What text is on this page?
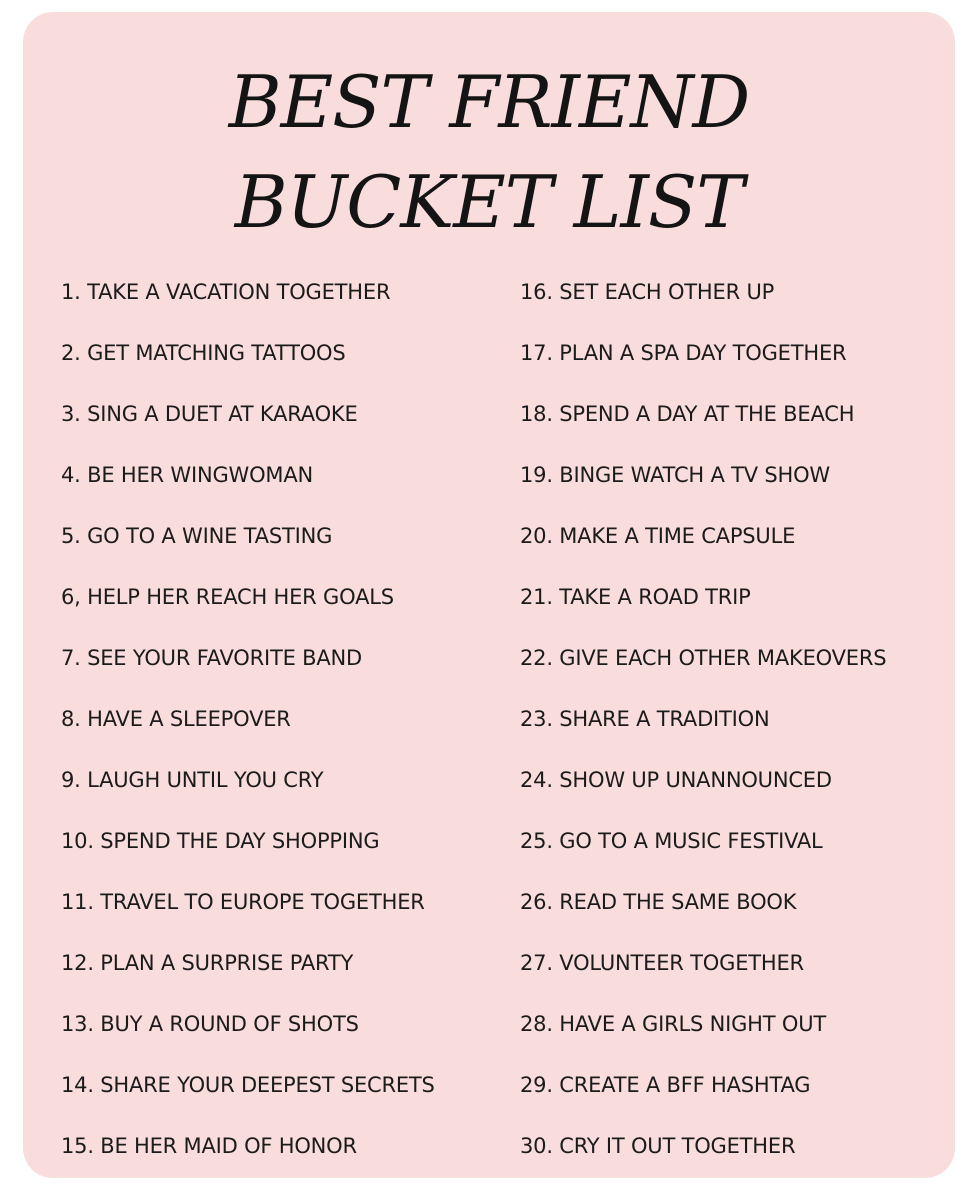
BEST FRIEND
BUCKET LIST
1. TAKE A VACATION TOGETHER
2. GET MATCHING TATTOOS
3. SING A DUET AT KARAOKE
4. BE HER WINGWOMAN
5. GO TO A WINE TASTING
6, HELP HER REACH HER GOALS
7. SEE YOUR FAVORITE BAND
8. HAVE A SLEEPOVER
9. LAUGH UNTIL YOU CRY
10. SPEND THE DAY SHOPPING
11. TRAVEL TO EUROPE TOGETHER
12. PLAN A SURPRISE PARTY
13. BUY A ROUND OF SHOTS
14. SHARE YOUR DEEPEST SECRETS
15. BE HER MAID OF HONOR
16. SET EACH OTHER UP
17. PLAN A SPA DAY TOGETHER
18. SPEND A DAY AT THE BEACH
19. BINGE WATCH A TV SHOW
20. MAKE A TIME CAPSULE
21. TAKE A ROAD TRIP
22. GIVE EACH OTHER MAKEOVERS
23. SHARE A TRADITION
24. SHOW UP UNANNOUNCED
25. GO TO A MUSIC FESTIVAL
26. READ THE SAME BOOK
27. VOLUNTEER TOGETHER
28. HAVE A GIRLS NIGHT OUT
29. CREATE A BFF HASHTAG
30. CRY IT OUT TOGETHER
